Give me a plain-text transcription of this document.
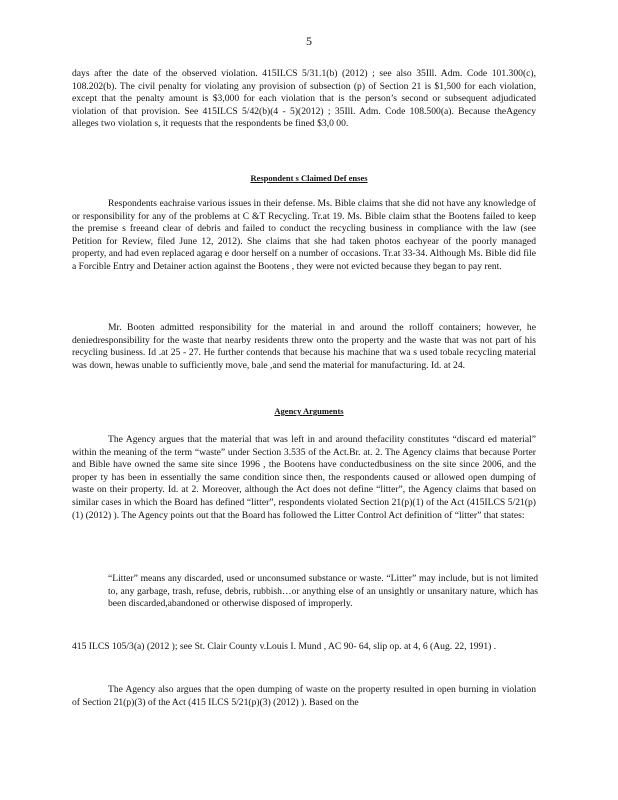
5

days after the date of the observed violation. 415ILCS 5/31.1(b) (2012) ; see also 35Ill. Adm. Code 101.300(c), 108.202(b). The civil penalty for violating any provision of subsection (p) of Section 21 is $1,500 for each violation, except that the penalty amount is $3,000 for each violation that is the person’s second or subsequent adjudicated violation of that provision. See 415ILCS 5/42(b)(4 - 5)(2012) ; 35Ill. Adm. Code 108.500(a). Because theAgency alleges two violation s, it requests that the respondents be fined $3,0 00.

Respondent s Claimed Def enses

Respondents eachraise various issues in their defense. Ms. Bible claims that she did not have any knowledge of or responsibility for any of the problems at C &T Recycling. Tr.at 19. Ms. Bible claim sthat the Bootens failed to keep the premise s freeand clear of debris and failed to conduct the recycling business in compliance with the law (see Petition for Review, filed June 12, 2012). She claims that she had taken photos eachyear of the poorly managed property, and had even replaced agarag e door herself on a number of occasions. Tr.at 33-34. Although Ms. Bible did file a Forcible Entry and Detainer action against the Bootens , they were not evicted because they began to pay rent.

Mr. Booten admitted responsibility for the material in and around the rolloff containers; however, he deniedresponsibility for the waste that nearby residents threw onto the property and the waste that was not part of his recycling business. Id .at 25 - 27. He further contends that because his machine that wa s used tobale recycling material was down, hewas unable to sufficiently move, bale ,and send the material for manufacturing. Id. at 24.

Agency Arguments

The Agency argues that the material that was left in and around thefacility constitutes “discard ed material” within the meaning of the term “waste” under Section 3.535 of the Act.Br. at. 2. The Agency claims that because Porter and Bible have owned the same site since 1996 , the Bootens have conductedbusiness on the site since 2006, and the proper ty has been in essentially the same condition since then, the respondents caused or allowed open dumping of waste on their property. Id. at 2. Moreover, although the Act does not define “litter”, the Agency claims that based on similar cases in which the Board has defined “litter”, respondents violated Section 21(p)(1) of the Act (415ILCS 5/21(p)(1) (2012) ). The Agency points out that the Board has followed the Litter Control Act definition of “litter” that states:

“Litter” means any discarded, used or unconsumed substance or waste. “Litter” may include, but is not limited to, any garbage, trash, refuse, debris, rubbish…or anything else of an unsightly or unsanitary nature, which has been discarded,abandoned or otherwise disposed of improperly.

415 ILCS 105/3(a) (2012 ); see St. Clair County v.Louis I. Mund , AC 90- 64, slip op. at 4, 6 (Aug. 22, 1991) .

The Agency also argues that the open dumping of waste on the property resulted in open burning in violation of Section 21(p)(3) of the Act (415 ILCS 5/21(p)(3) (2012) ). Based on the
